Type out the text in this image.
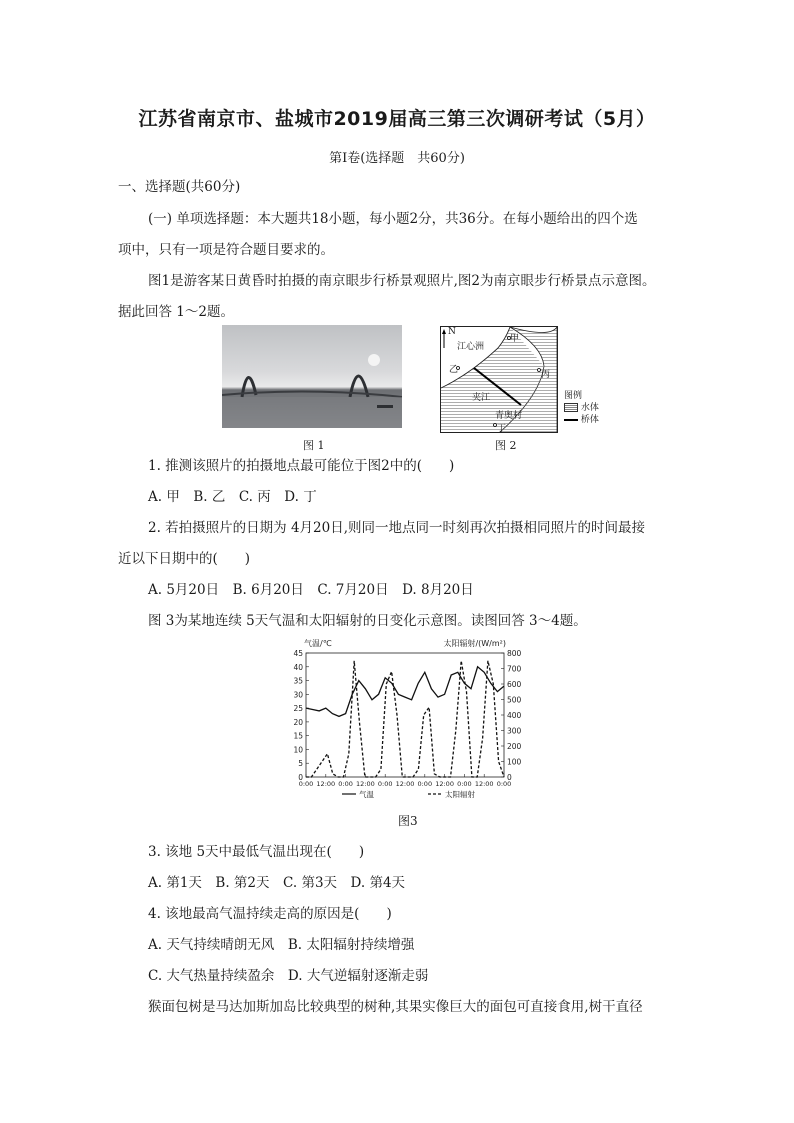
江苏省南京市、盐城市2019届高三第三次调研考试（5月）
第Ⅰ卷(选择题　共60分)
一、选择题(共60分)
(一) 单项选择题：本大题共18小题，每小题2分，共36分。在每小题给出的四个选
项中，只有一项是符合题目要求的。
图1是游客某日黄昏时拍摄的南京眼步行桥景观照片,图2为南京眼步行桥景点示意图。
据此回答 1～2题。
图 1
N
江心洲
甲
乙	丙
夹江
青奥村
丁
图例
水体
桥体
图 2
1. 推测该照片的拍摄地点最可能位于图2中的(　　)
A. 甲　B. 乙　C. 丙　D. 丁
2. 若拍摄照片的日期为 4月20日,则同一地点同一时刻再次拍摄相同照片的时间最接
近以下日期中的(　　)
A. 5月20日　B. 6月20日　C. 7月20日　D. 8月20日
图 3为某地连续 5天气温和太阳辐射的日变化示意图。读图回答 3～4题。
气温/℃	太阳辐射/(W/m²)
45
40
35
30
25
20
15
10
5
0
800
700
600
500
400
300
200
100
0
0:00 12:00 0:00 12:00 0:00 12:00 0:00 12:00 0:00 12:00 0:00
气温	太阳辐射
图3
3. 该地 5天中最低气温出现在(　　)
A. 第1天　B. 第2天　C. 第3天　D. 第4天
4. 该地最高气温持续走高的原因是(　　)
A. 天气持续晴朗无风　B. 太阳辐射持续增强
C. 大气热量持续盈余　D. 大气逆辐射逐渐走弱
猴面包树是马达加斯加岛比较典型的树种,其果实像巨大的面包可直接食用,树干直径
